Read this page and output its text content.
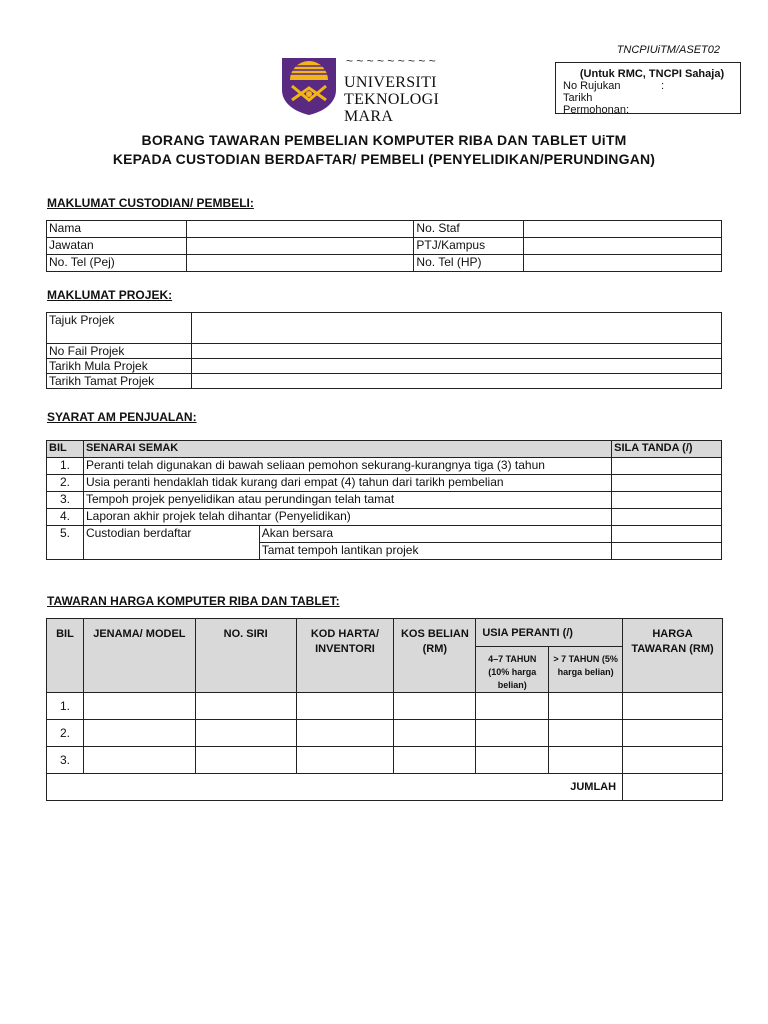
TNCPIUiTM/ASET02
(Untuk RMC, TNCPI Sahaja)
No Rujukan	:
Tarikh Permohonan:
~ ~ ~ ~ ~ ~ ~ ~ ~
UNIVERSITI
TEKNOLOGI
MARA
BORANG TAWARAN PEMBELIAN KOMPUTER RIBA DAN TABLET UiTM
KEPADA CUSTODIAN BERDAFTAR/ PEMBELI (PENYELIDIKAN/PERUNDINGAN)
MAKLUMAT CUSTODIAN/ PEMBELI:
Nama		No. Staf	
Jawatan		PTJ/Kampus	
No. Tel (Pej)		No. Tel (HP)	
MAKLUMAT PROJEK:
Tajuk Projek	
No Fail Projek	
Tarikh Mula Projek	
Tarikh Tamat Projek	
SYARAT AM PENJUALAN:
BIL	SENARAI SEMAK		SILA TANDA (/)
1.	Peranti telah digunakan di bawah seliaan pemohon sekurang-kurangnya tiga (3) tahun		
2.	Usia peranti hendaklah tidak kurang dari empat (4) tahun dari tarikh pembelian		
3.	Tempoh projek penyelidikan atau perundingan telah tamat		
4.	Laporan akhir projek telah dihantar (Penyelidikan)		
5.	Custodian berdaftar	Akan bersara	
		Tamat tempoh lantikan projek	
TAWARAN HARGA KOMPUTER RIBA DAN TABLET:
BIL	JENAMA/ MODEL	NO. SIRI	KOD HARTA/ INVENTORI	KOS BELIAN (RM)	USIA PERANTI (/)		HARGA TAWARAN (RM)
					4–7 TAHUN (10% harga belian)	> 7 TAHUN (5% harga belian)	
1.							
2.							
3.							
JUMLAH							
